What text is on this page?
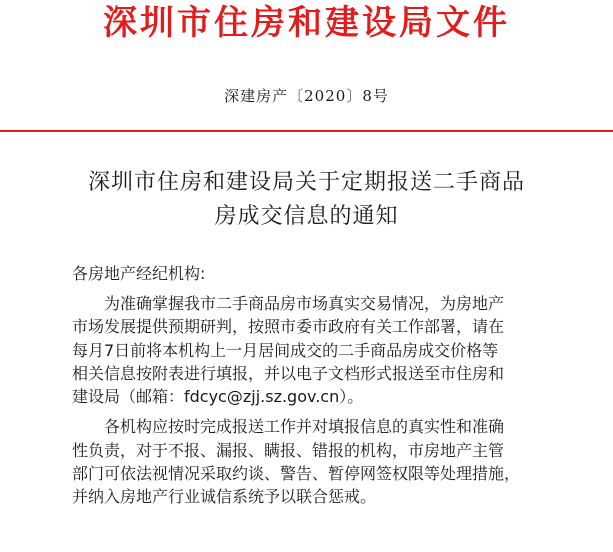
深圳市住房和建设局文件
深建房产〔2020〕8号
深圳市住房和建设局关于定期报送二手商品
房成交信息的通知
各房地产经纪机构:
为准确掌握我市二手商品房市场真实交易情况，为房地产
市场发展提供预期研判，按照市委市政府有关工作部署，请在
每月7日前将本机构上一月居间成交的二手商品房成交价格等
相关信息按附表进行填报，并以电子文档形式报送至市住房和
建设局（邮箱：fdcyc@zjj.sz.gov.cn）。
各机构应按时完成报送工作并对填报信息的真实性和准确
性负责，对于不报、漏报、瞒报、错报的机构，市房地产主管
部门可依法视情况采取约谈、警告、暂停网签权限等处理措施，
并纳入房地产行业诚信系统予以联合惩戒。
